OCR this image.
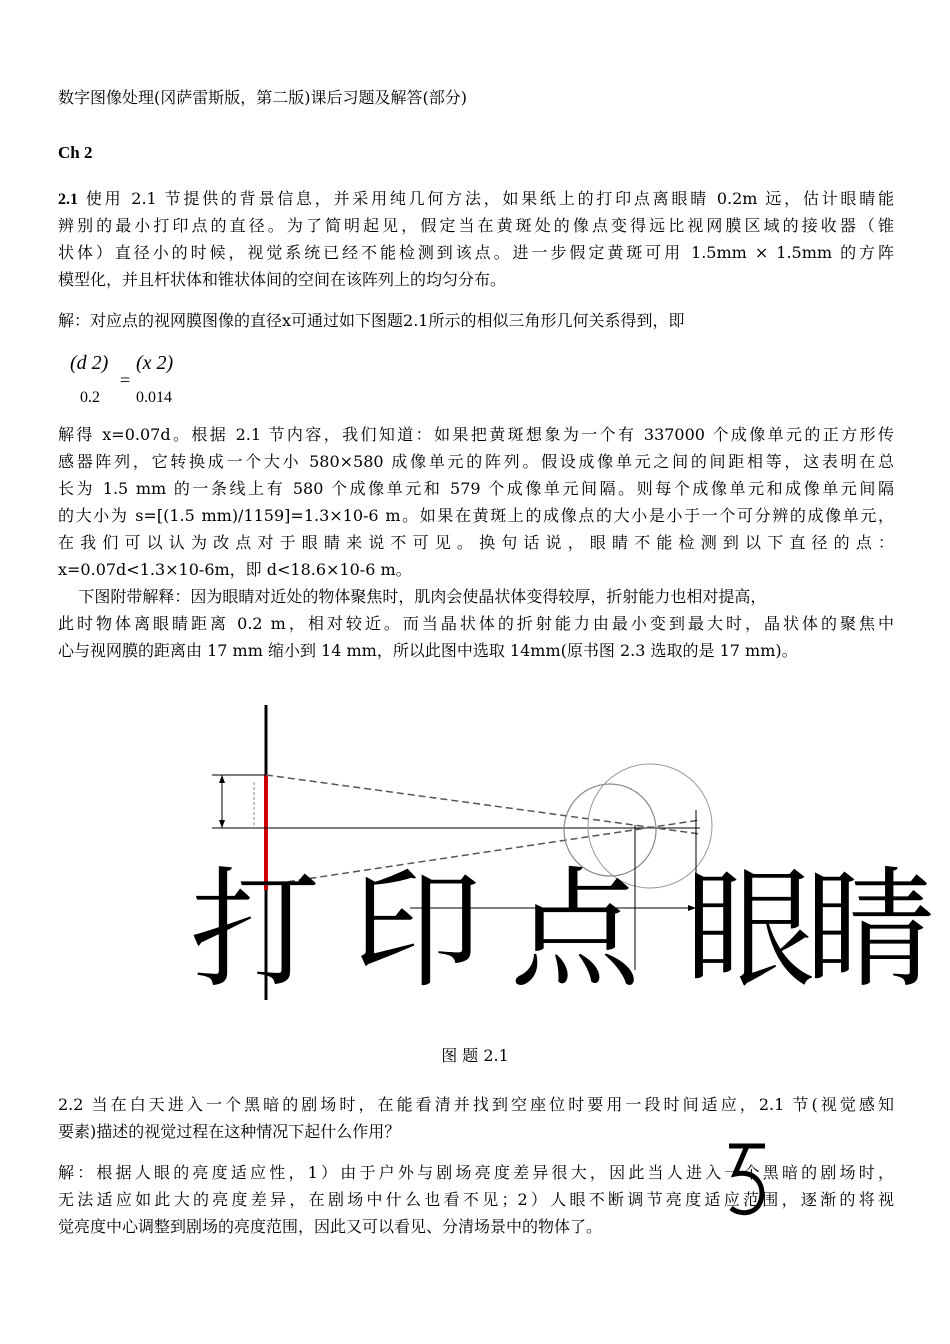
数字图像处理(冈萨雷斯版，第二版)课后习题及解答(部分)
Ch 2
2.1 使用 2.1 节提供的背景信息，并采用纯几何方法，如果纸上的打印点离眼睛 0.2m 远，估计眼睛能
辨别的最小打印点的直径。为了简明起见，假定当在黄斑处的像点变得远比视网膜区域的接收器（锥
状体）直径小的时候，视觉系统已经不能检测到该点。进一步假定黄斑可用 1.5mm × 1.5mm 的方阵
模型化，并且杆状体和锥状体间的空间在该阵列上的均匀分布。
解：对应点的视网膜图像的直径x可通过如下图题2.1所示的相似三角形几何关系得到，即
(d 2)
0.2
=
(x 2)
0.014
解得 x=0.07d。根据 2.1 节内容，我们知道：如果把黄斑想象为一个有 337000 个成像单元的正方形传
感器阵列，它转换成一个大小 580×580 成像单元的阵列。假设成像单元之间的间距相等，这表明在总
长为 1.5 mm 的一条线上有 580 个成像单元和 579 个成像单元间隔。则每个成像单元和成像单元间隔
的大小为 s=[(1.5 mm)/1159]=1.3×10-6 m。如果在黄斑上的成像点的大小是小于一个可分辨的成像单元，
在我们可以认为改点对于眼睛来说不可见。换句话说，眼睛不能检测到以下直径的点：
x=0.07d<1.3×10-6m，即 d<18.6×10-6 m。
下图附带解释：因为眼睛对近处的物体聚焦时，肌肉会使晶状体变得较厚，折射能力也相对提高，
此时物体离眼睛距离 0.2 m，相对较近。而当晶状体的折射能力由最小变到最大时，晶状体的聚焦中
心与视网膜的距离由 17 mm 缩小到 14 mm，所以此图中选取 14mm(原书图 2.3 选取的是 17 mm)。
打 印 点 眼
睛
图 题 2.1
2.2 当在白天进入一个黑暗的剧场时，在能看清并找到空座位时要用一段时间适应，2.1 节(视觉感知
要素)描述的视觉过程在这种情况下起什么作用？
解：根据人眼的亮度适应性，1）由于户外与剧场亮度差异很大，因此当人进入一个黑暗的剧场时，
无法适应如此大的亮度差异，在剧场中什么也看不见；2）人眼不断调节亮度适应范围，逐渐的将视
觉亮度中心调整到剧场的亮度范围，因此又可以看见、分清场景中的物体了。
